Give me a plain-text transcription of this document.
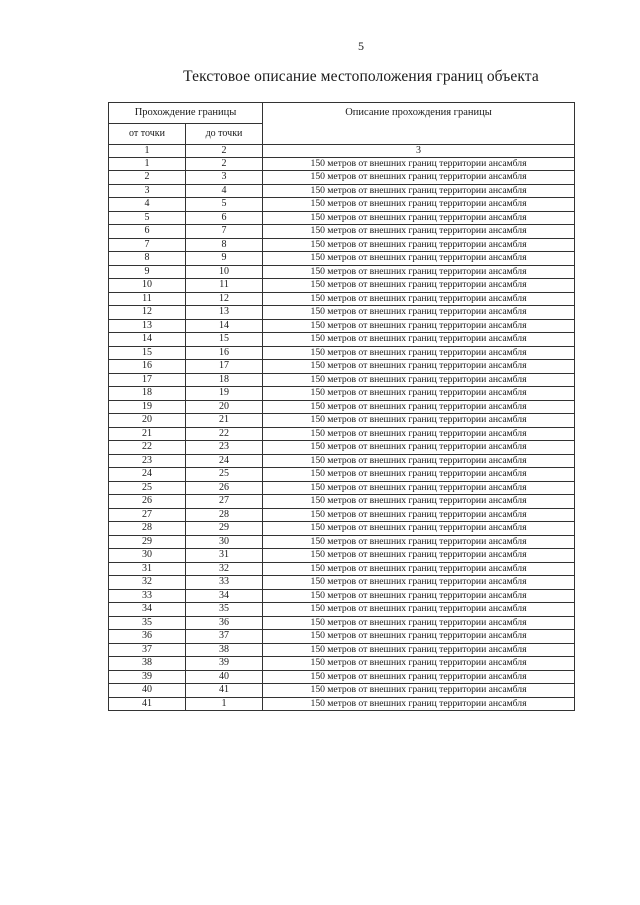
5
Текстовое описание местоположения границ объекта
Прохождение границы		Описание прохождения границы
от точки	до точки	
1	2	3
1	2	150 метров от внешних границ территории ансамбля
2	3	150 метров от внешних границ территории ансамбля
3	4	150 метров от внешних границ территории ансамбля
4	5	150 метров от внешних границ территории ансамбля
5	6	150 метров от внешних границ территории ансамбля
6	7	150 метров от внешних границ территории ансамбля
7	8	150 метров от внешних границ территории ансамбля
8	9	150 метров от внешних границ территории ансамбля
9	10	150 метров от внешних границ территории ансамбля
10	11	150 метров от внешних границ территории ансамбля
11	12	150 метров от внешних границ территории ансамбля
12	13	150 метров от внешних границ территории ансамбля
13	14	150 метров от внешних границ территории ансамбля
14	15	150 метров от внешних границ территории ансамбля
15	16	150 метров от внешних границ территории ансамбля
16	17	150 метров от внешних границ территории ансамбля
17	18	150 метров от внешних границ территории ансамбля
18	19	150 метров от внешних границ территории ансамбля
19	20	150 метров от внешних границ территории ансамбля
20	21	150 метров от внешних границ территории ансамбля
21	22	150 метров от внешних границ территории ансамбля
22	23	150 метров от внешних границ территории ансамбля
23	24	150 метров от внешних границ территории ансамбля
24	25	150 метров от внешних границ территории ансамбля
25	26	150 метров от внешних границ территории ансамбля
26	27	150 метров от внешних границ территории ансамбля
27	28	150 метров от внешних границ территории ансамбля
28	29	150 метров от внешних границ территории ансамбля
29	30	150 метров от внешних границ территории ансамбля
30	31	150 метров от внешних границ территории ансамбля
31	32	150 метров от внешних границ территории ансамбля
32	33	150 метров от внешних границ территории ансамбля
33	34	150 метров от внешних границ территории ансамбля
34	35	150 метров от внешних границ территории ансамбля
35	36	150 метров от внешних границ территории ансамбля
36	37	150 метров от внешних границ территории ансамбля
37	38	150 метров от внешних границ территории ансамбля
38	39	150 метров от внешних границ территории ансамбля
39	40	150 метров от внешних границ территории ансамбля
40	41	150 метров от внешних границ территории ансамбля
41	1	150 метров от внешних границ территории ансамбля
